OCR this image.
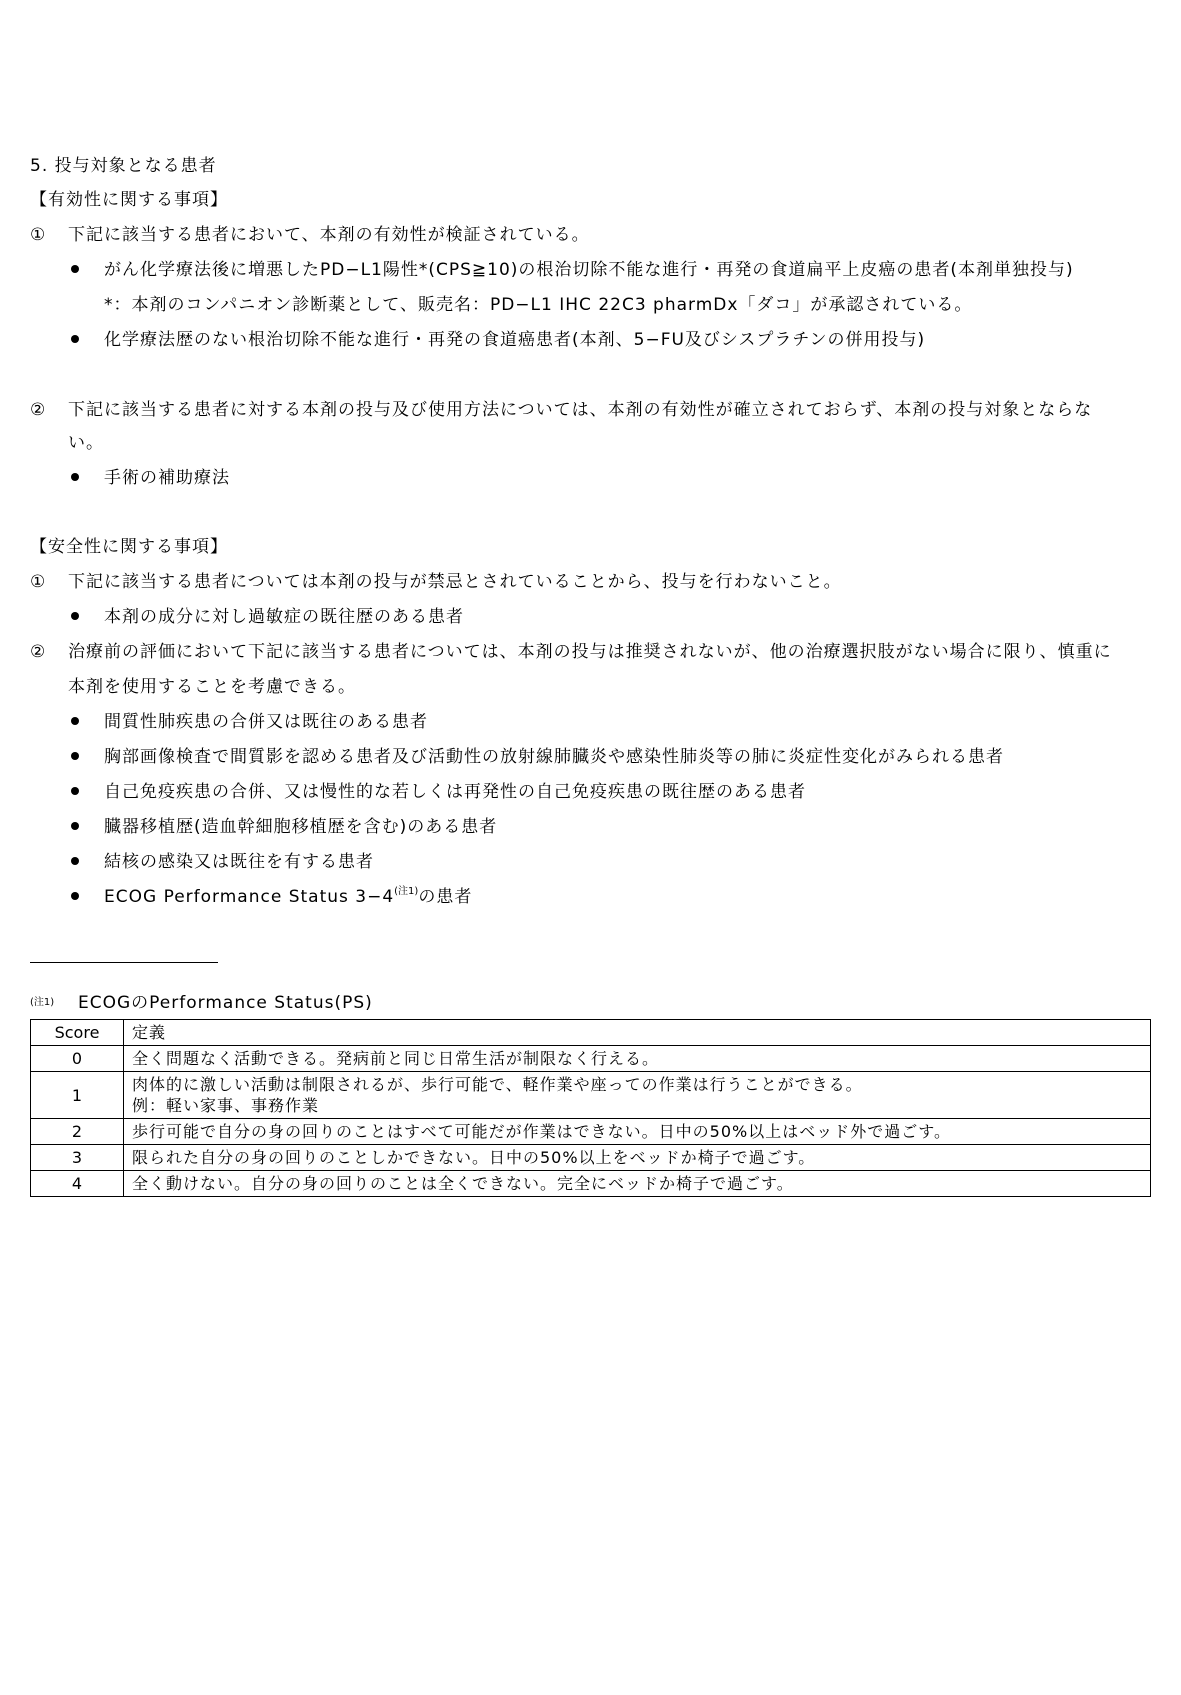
5. 投与対象となる患者
【有効性に関する事項】
① 下記に該当する患者において、本剤の有効性が検証されている。
がん化学療法後に増悪したPD−L1陽性*(CPS≧10)の根治切除不能な進行・再発の食道扁平上皮癌の患者(本剤単独投与)
*：本剤のコンパニオン診断薬として、販売名：PD−L1 IHC 22C3 pharmDx「ダコ」が承認されている。
化学療法歴のない根治切除不能な進行・再発の食道癌患者(本剤、5−FU及びシスプラチンの併用投与)
② 下記に該当する患者に対する本剤の投与及び使用方法については、本剤の有効性が確立されておらず、本剤の投与対象とならな
い。
手術の補助療法
【安全性に関する事項】
① 下記に該当する患者については本剤の投与が禁忌とされていることから、投与を行わないこと。
本剤の成分に対し過敏症の既往歴のある患者
② 治療前の評価において下記に該当する患者については、本剤の投与は推奨されないが、他の治療選択肢がない場合に限り、慎重に
本剤を使用することを考慮できる。
間質性肺疾患の合併又は既往のある患者
胸部画像検査で間質影を認める患者及び活動性の放射線肺臓炎や感染性肺炎等の肺に炎症性変化がみられる患者
自己免疫疾患の合併、又は慢性的な若しくは再発性の自己免疫疾患の既往歴のある患者
臓器移植歴(造血幹細胞移植歴を含む)のある患者
結核の感染又は既往を有する患者
ECOG Performance Status $3-4^{(注1)}$の患者
(注1) ECOGのPerformance Status(PS)
Score	定義
0	全く問題なく活動できる。発病前と同じ日常生活が制限なく行える。
1	肉体的に激しい活動は制限されるが、歩行可能で、軽作業や座っての作業は行うことができる。
例：軽い家事、事務作業

2	歩行可能で自分の身の回りのことはすべて可能だが作業はできない。日中の50%以上はベッド外で過ごす。
3	限られた自分の身の回りのことしかできない。日中の50%以上をベッドか椅子で過ごす。
4	全く動けない。自分の身の回りのことは全くできない。完全にベッドか椅子で過ごす。
